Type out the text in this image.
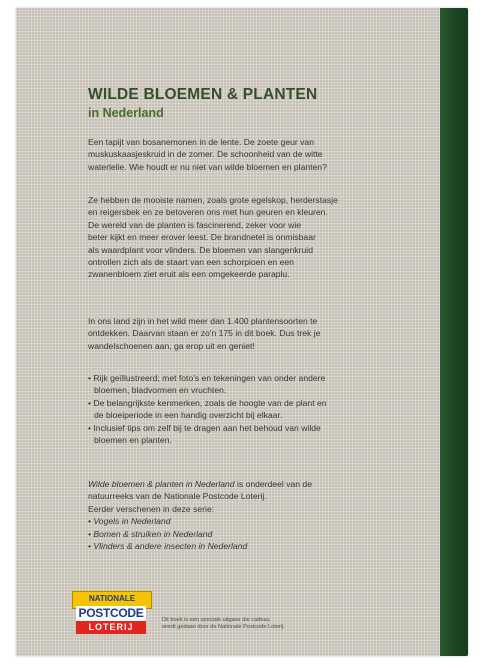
WILDE BLOEMEN & PLANTEN
in Nederland

Een tapijt van bosanemonen in de lente. De zoete geur van
muskuskaasjeskruid in de zomer. De schoonheid van de witte
waterlelie. Wie houdt er nu niet van wilde bloemen en planten?

Ze hebben de mooiste namen, zoals grote egelskop, herderstasje
en reigersbek en ze betoveren ons met hun geuren en kleuren.
De wereld van de planten is fascinerend, zeker voor wie
beter kijkt en meer erover leest. De brandnetel is onmisbaar
als waardplant voor vlinders. De bloemen van slangenkruid
ontrollen zich als de staart van een schorpioen en een
zwanenbloem ziet eruit als een omgekeerde paraplu.

In ons land zijn in het wild meer dan 1.400 plantensoorten te
ontdekken. Daarvan staan er zo'n 175 in dit boek. Dus trek je
wandelschoenen aan, ga erop uit en geniet!

• Rijk geïllustreerd; met foto's en tekeningen van onder andere
bloemen, bladvormen en vruchten.
• De belangrijkste kenmerken, zoals de hoogte van de plant en
de bloeiperiode in een handig overzicht bij elkaar.
• Inclusief tips om zelf bij te dragen aan het behoud van wilde
bloemen en planten.

Wilde bloemen & planten in Nederland is onderdeel van de
natuurreeks van de Nationale Postcode Loterij.
Eerder verschenen in deze serie:
• Vogels in Nederland
• Bomen & struiken in Nederland
• Vlinders & andere insecten in Nederland

NATIONALE
POSTCODE
LOTERIJ
Dit boek is een speciale uitgave die cadeau
wordt gedaan door de Nationale Postcode Loterij.
